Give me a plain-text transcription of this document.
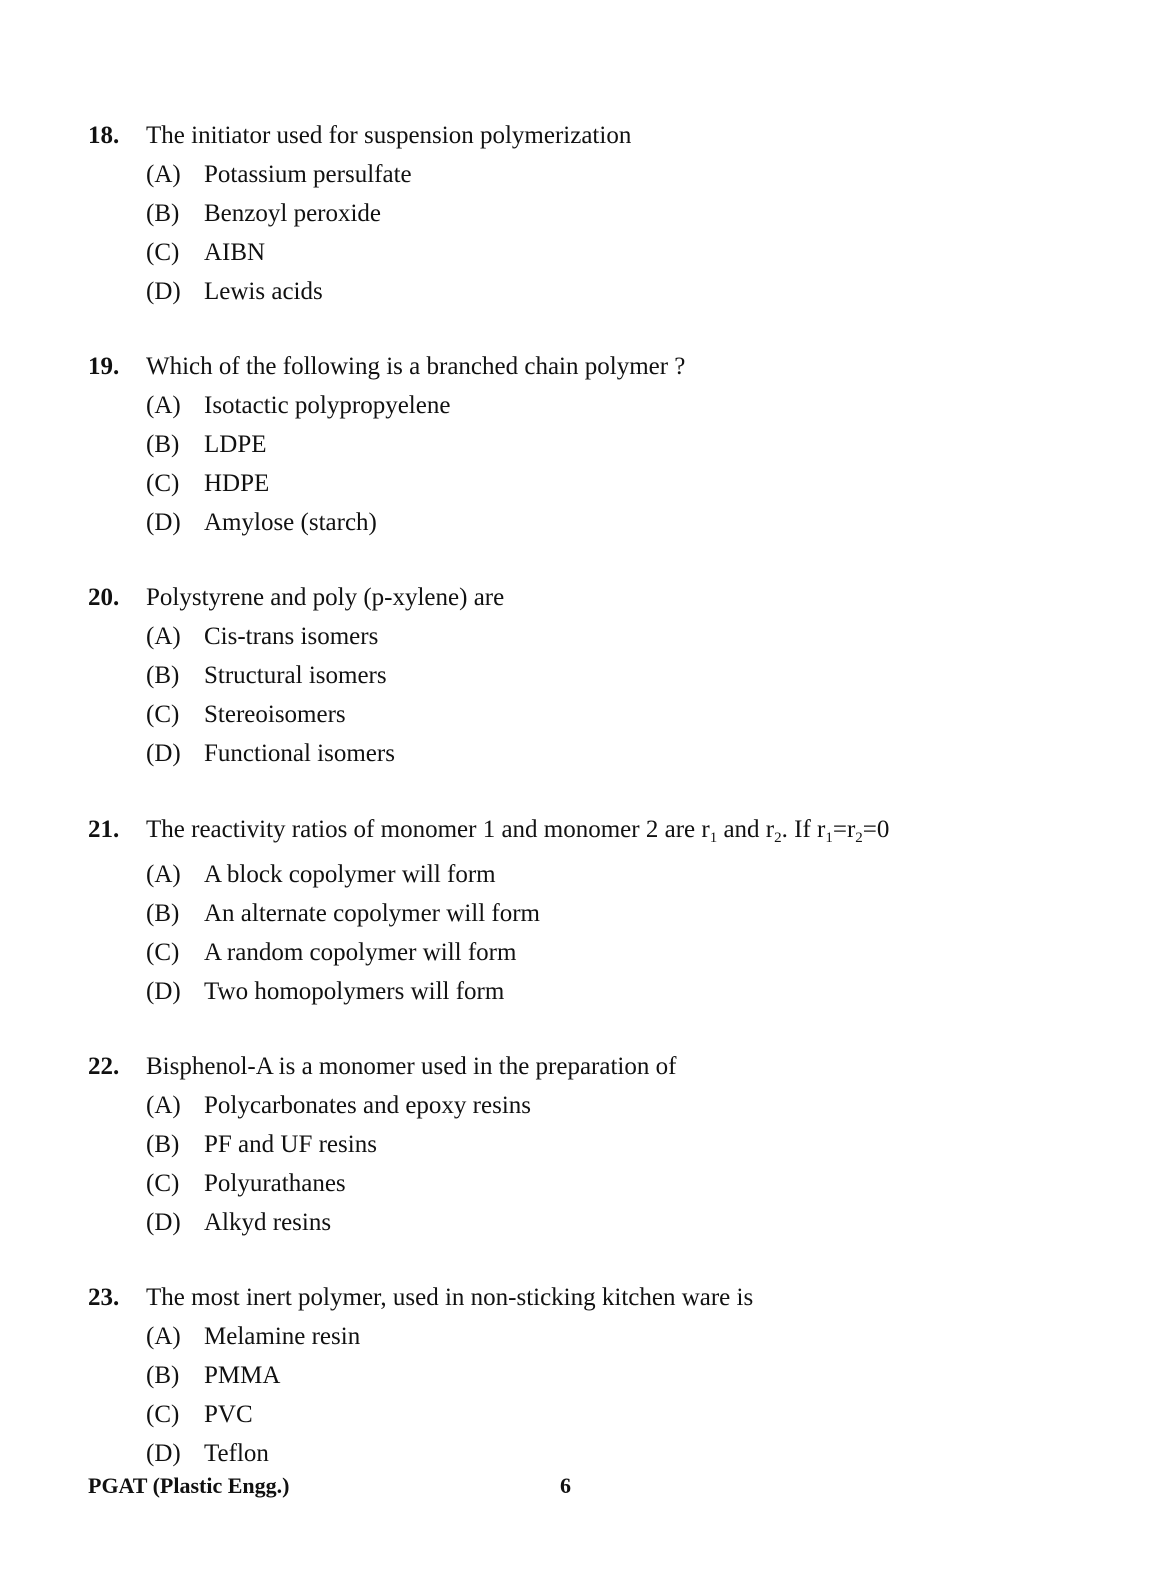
18. The initiator used for suspension polymerization
(A) Potassium persulfate
(B) Benzoyl peroxide
(C) AIBN
(D) Lewis acids
19. Which of the following is a branched chain polymer ?
(A) Isotactic polypropyelene
(B) LDPE
(C) HDPE
(D) Amylose (starch)
20. Polystyrene and poly (p-xylene) are
(A) Cis-trans isomers
(B) Structural isomers
(C) Stereoisomers
(D) Functional isomers
21. The reactivity ratios of monomer 1 and monomer 2 are $r_1$ and $r_2$. If $r_1=r_2=0$
(A) A block copolymer will form
(B) An alternate copolymer will form
(C) A random copolymer will form
(D) Two homopolymers will form
22. Bisphenol-A is a monomer used in the preparation of
(A) Polycarbonates and epoxy resins
(B) PF and UF resins
(C) Polyurathanes
(D) Alkyd resins
23. The most inert polymer, used in non-sticking kitchen ware is
(A) Melamine resin
(B) PMMA
(C) PVC
(D) Teflon
PGAT (Plastic Engg.)	6
